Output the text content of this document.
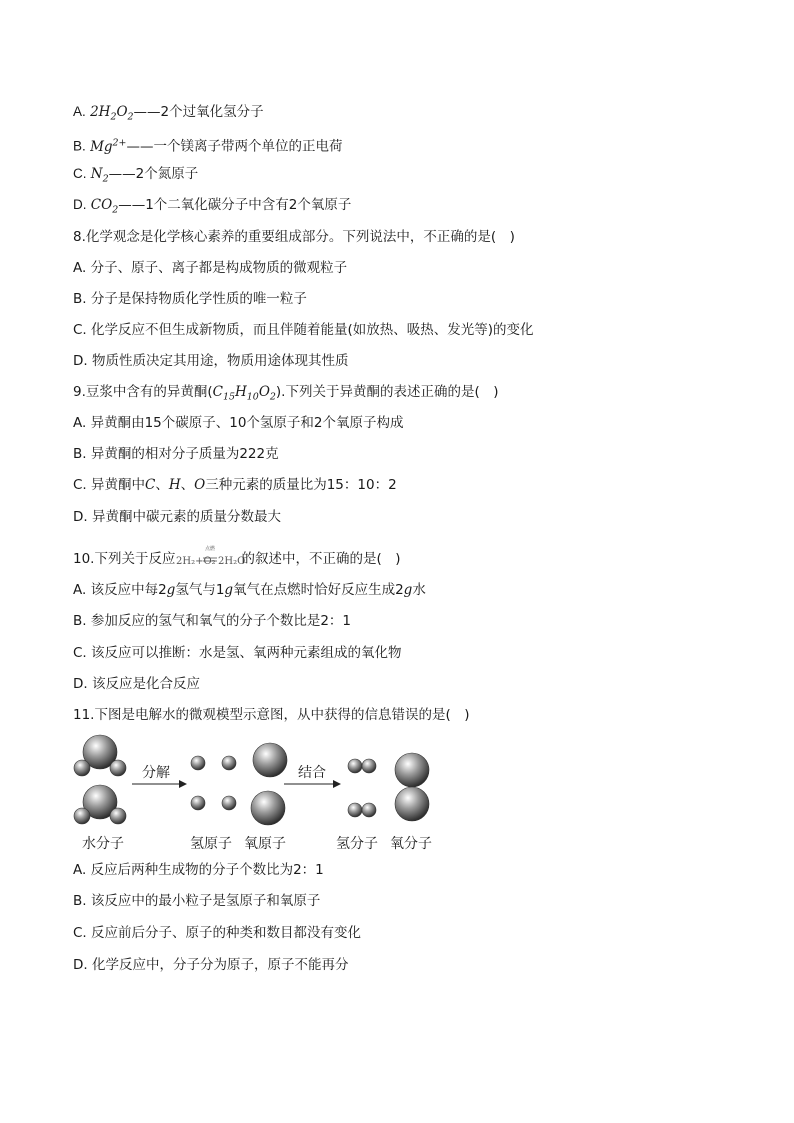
A. $2H_2O_2——2$个过氧化氢分子
B. $Mg^{2+}——$一个镁离子带两个单位的正电荷
C. $N_2——2$个氮原子
D. $CO_2——1$个二氧化碳分子中含有2个氧原子
8.化学观念是化学核心素养的重要组成部分。下列说法中，不正确的是(　)
A. 分子、原子、离子都是构成物质的微观粒子
B. 分子是保持物质化学性质的唯一粒子
C. 化学反应不但生成新物质，而且伴随着能量(如放热、吸热、发光等)的变化
D. 物质性质决定其用途，物质用途体现其性质
9.豆浆中含有的异黄酮$(C_{15}H_{10}O_2)$.下列关于异黄酮的表述正确的是(　)
A. 异黄酮由15个碳原子、10个氢原子和2个氧原子构成
B. 异黄酮的相对分子质量为222克
C. 异黄酮中C、H、O三种元素的质量比为15：10：2
D. 异黄酮中碳元素的质量分数最大
10.下列关于反应 2H₂+O₂
点燃
2H₂O
的叙述中，不正确的是(　)
A. 该反应中每2g氢气与1g氧气在点燃时恰好反应生成2g水
B. 参加反应的氢气和氧气的分子个数比是2：1
C. 该反应可以推断：水是氢、氧两种元素组成的氧化物
D. 该反应是化合反应
11.下图是电解水的微观模型示意图，从中获得的信息错误的是(　)
分解	结合
水分子	氢原子 氧原子	氢分子 氧分子
A. 反应后两种生成物的分子个数比为2：1
B. 该反应中的最小粒子是氢原子和氧原子
C. 反应前后分子、原子的种类和数目都没有变化
D. 化学反应中，分子分为原子，原子不能再分
